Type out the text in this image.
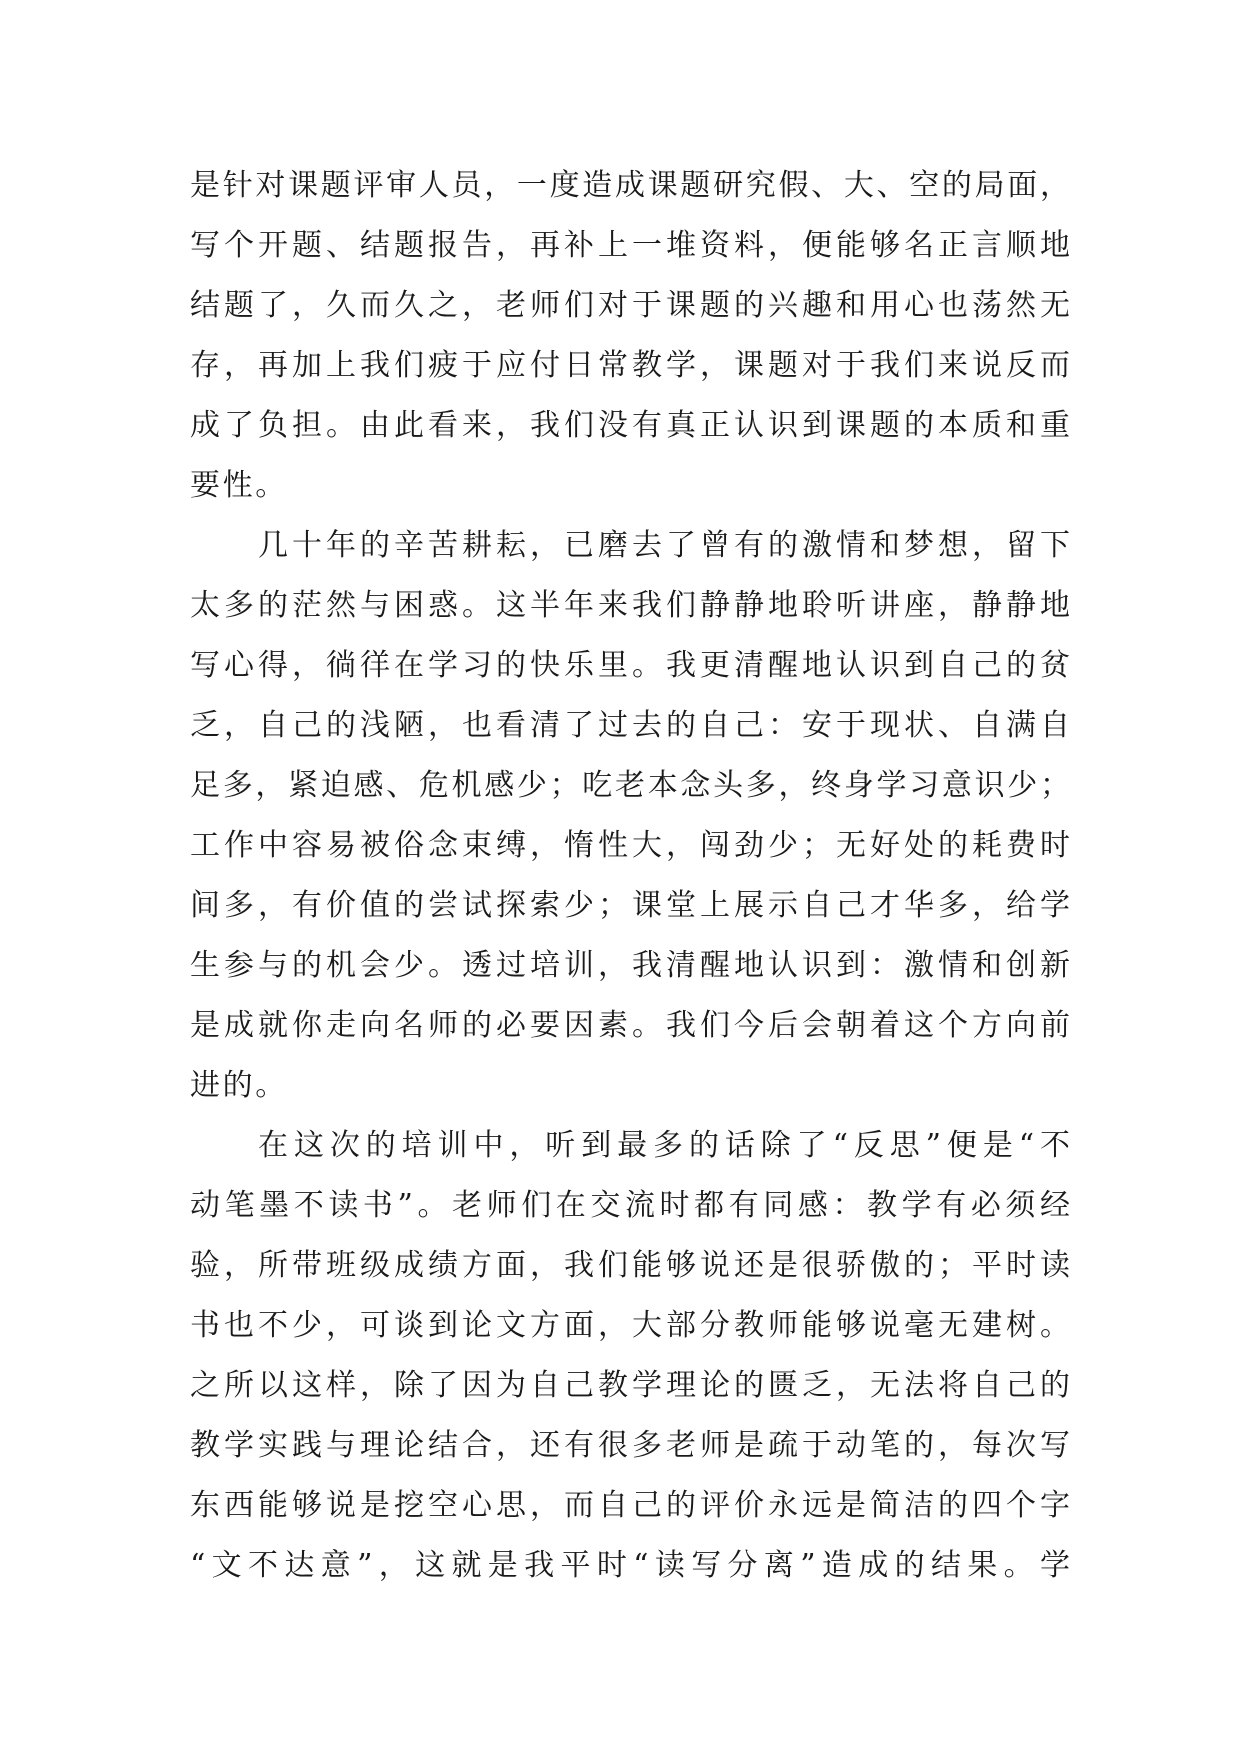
是针对课题评审人员，一度造成课题研究假、大、空的局面，
写个开题、结题报告，再补上一堆资料，便能够名正言顺地
结题了，久而久之，老师们对于课题的兴趣和用心也荡然无
存，再加上我们疲于应付日常教学，课题对于我们来说反而
成了负担。由此看来，我们没有真正认识到课题的本质和重
要性。
几十年的辛苦耕耘，已磨去了曾有的激情和梦想，留下
太多的茫然与困惑。这半年来我们静静地聆听讲座，静静地
写心得，徜徉在学习的快乐里。我更清醒地认识到自己的贫
乏，自己的浅陋，也看清了过去的自己：安于现状、自满自
足多，紧迫感、危机感少；吃老本念头多，终身学习意识少；
工作中容易被俗念束缚，惰性大，闯劲少；无好处的耗费时
间多，有价值的尝试探索少；课堂上展示自己才华多，给学
生参与的机会少。透过培训，我清醒地认识到：激情和创新
是成就你走向名师的必要因素。我们今后会朝着这个方向前
进的。
在这次的培训中，听到最多的话除了“反思”便是“不
动笔墨不读书”。老师们在交流时都有同感：教学有必须经
验，所带班级成绩方面，我们能够说还是很骄傲的；平时读
书也不少，可谈到论文方面，大部分教师能够说毫无建树。
之所以这样，除了因为自己教学理论的匮乏，无法将自己的
教学实践与理论结合，还有很多老师是疏于动笔的，每次写
东西能够说是挖空心思，而自己的评价永远是简洁的四个字
“文不达意”，这就是我平时“读写分离”造成的结果。学
